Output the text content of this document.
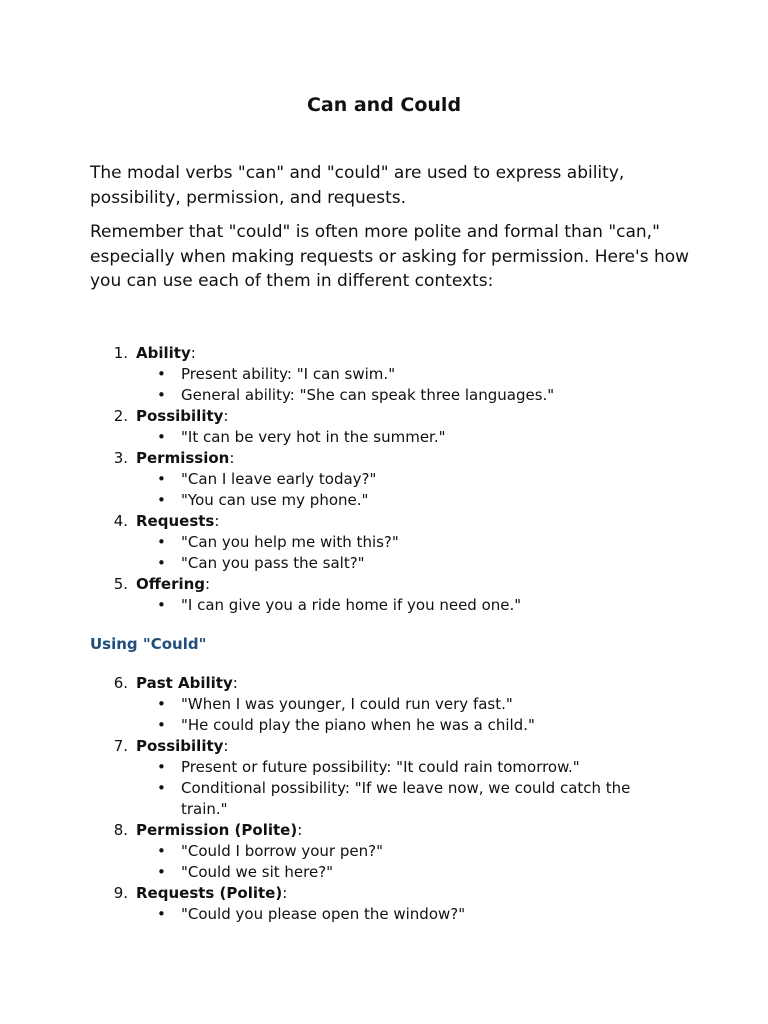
Can and Could

The modal verbs "can" and "could" are used to express ability, possibility, permission, and requests.

Remember that "could" is often more polite and formal than "can," especially when making requests or asking for permission. Here's how you can use each of them in different contexts:

1. Ability:
• Present ability: "I can swim."
• General ability: "She can speak three languages."
2. Possibility:
• "It can be very hot in the summer."
3. Permission:
• "Can I leave early today?"
• "You can use my phone."
4. Requests:
• "Can you help me with this?"
• "Can you pass the salt?"
5. Offering:
• "I can give you a ride home if you need one."
Using "Could"
6. Past Ability:
• "When I was younger, I could run very fast."
• "He could play the piano when he was a child."
7. Possibility:
• Present or future possibility: "It could rain tomorrow."
• Conditional possibility: "If we leave now, we could catch the train."
8. Permission (Polite):
• "Could I borrow your pen?"
• "Could we sit here?"
9. Requests (Polite):
• "Could you please open the window?"
